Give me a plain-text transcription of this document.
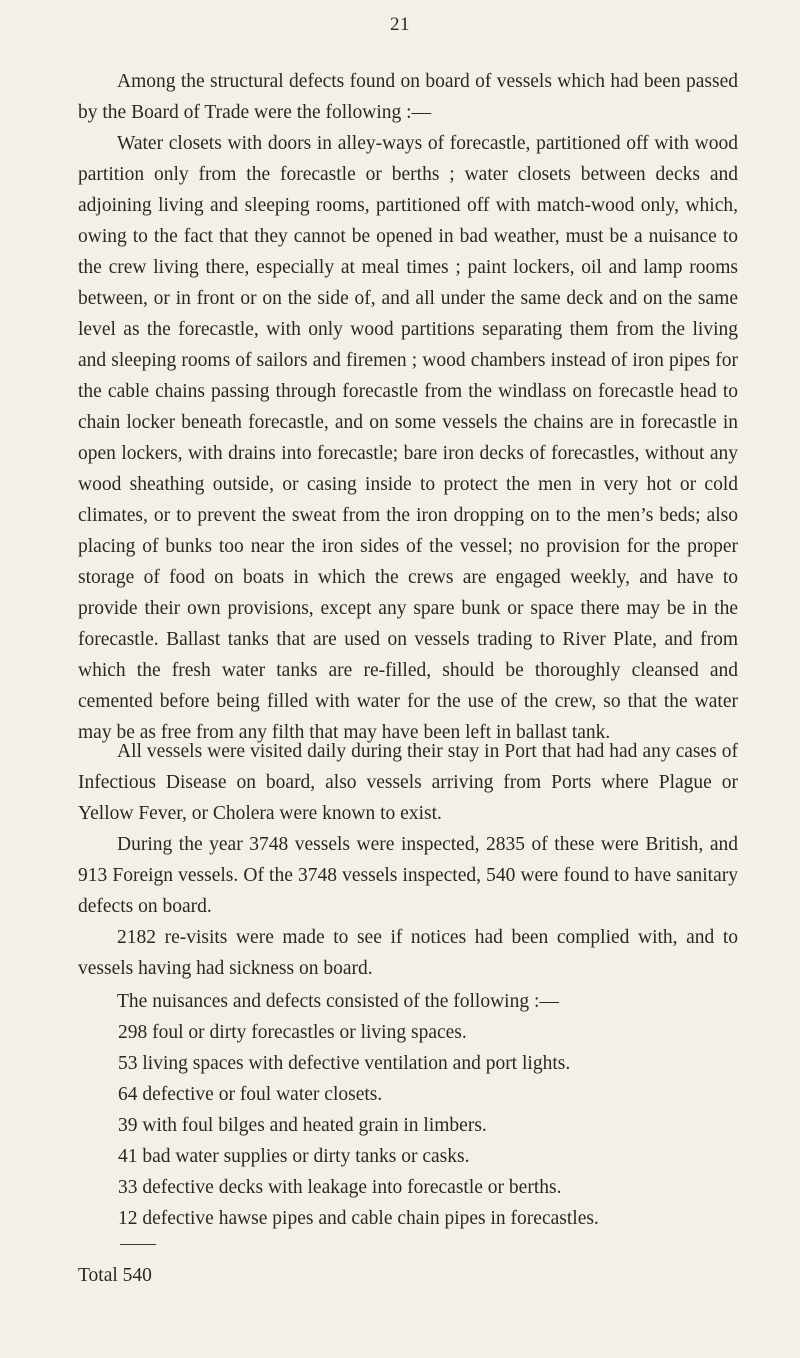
21

Among the structural defects found on board of vessels which had been passed by the Board of Trade were the following :—

Water closets with doors in alley-ways of forecastle, partitioned off with wood partition only from the forecastle or berths ; water closets between decks and adjoining living and sleeping rooms, partitioned off with match-wood only, which, owing to the fact that they cannot be opened in bad weather, must be a nuisance to the crew living there, especially at meal times ; paint lockers, oil and lamp rooms between, or in front or on the side of, and all under the same deck and on the same level as the forecastle, with only wood partitions separating them from the living and sleeping rooms of sailors and firemen ; wood chambers instead of iron pipes for the cable chains passing through forecastle from the windlass on forecastle head to chain locker beneath forecastle, and on some vessels the chains are in forecastle in open lockers, with drains into forecastle; bare iron decks of forecastles, without any wood sheathing outside, or casing inside to protect the men in very hot or cold climates, or to prevent the sweat from the iron dropping on to the men’s beds; also placing of bunks too near the iron sides of the vessel; no provision for the proper storage of food on boats in which the crews are engaged weekly, and have to provide their own provisions, except any spare bunk or space there may be in the forecastle. Ballast tanks that are used on vessels trading to River Plate, and from which the fresh water tanks are re-filled, should be thoroughly cleansed and cemented before being filled with water for the use of the crew, so that the water may be as free from any filth that may have been left in ballast tank.

All vessels were visited daily during their stay in Port that had had any cases of Infectious Disease on board, also vessels arriving from Ports where Plague or Yellow Fever, or Cholera were known to exist.

During the year 3748 vessels were inspected, 2835 of these were British, and 913 Foreign vessels. Of the 3748 vessels inspected, 540 were found to have sanitary defects on board.

2182 re-visits were made to see if notices had been complied with, and to vessels having had sickness on board.

The nuisances and defects consisted of the following :—

298 foul or dirty forecastles or living spaces.
53 living spaces with defective ventilation and port lights.
64 defective or foul water closets.
39 with foul bilges and heated grain in limbers.
41 bad water supplies or dirty tanks or casks.
33 defective decks with leakage into forecastle or berths.
12 defective hawse pipes and cable chain pipes in forecastles.
Total 540
